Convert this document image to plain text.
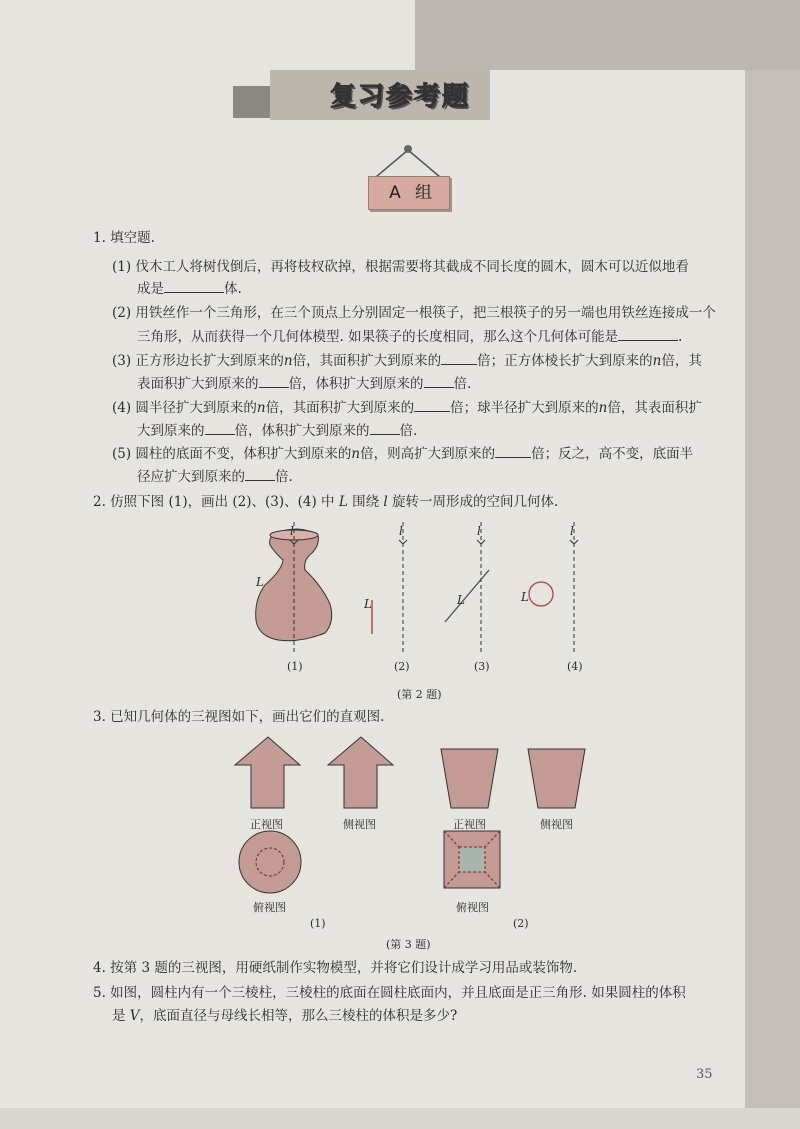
复习参考题
A 组
1. 填空题.
(1) 伐木工人将树伐倒后，再将枝杈砍掉，根据需要将其截成不同长度的圆木，圆木可以近似地看
成是	体.
(2) 用铁丝作一个三角形，在三个顶点上分别固定一根筷子，把三根筷子的另一端也用铁丝连接成一个
三角形，从而获得一个几何体模型. 如果筷子的长度相同，那么这个几何体可能是	.
(3) 正方形边长扩大到原来的n倍，其面积扩大到原来的	倍；正方体棱长扩大到原来的n倍，其
表面积扩大到原来的 倍，体积扩大到原来的 倍.
(4) 圆半径扩大到原来的n倍，其面积扩大到原来的	倍；球半径扩大到原来的n倍，其表面积扩
大到原来的 倍，体积扩大到原来的 倍.
(5) 圆柱的底面不变，体积扩大到原来的n倍，则高扩大到原来的	倍；反之，高不变，底面半
径应扩大到原来的 倍.
2. 仿照下图 (1)，画出 (2)、(3)、(4) 中 L 围绕 l 旋转一周形成的空间几何体.
l	l	l	l
L
L	L	L
(1)	(2)	(3)	(4)
(第 2 题)
3. 已知几何体的三视图如下，画出它们的直观图.
正视图	侧视图	正视图	侧视图
俯视图	俯视图
(1)	(2)
(第 3 题)
4. 按第 3 题的三视图，用硬纸制作实物模型，并将它们设计成学习用品或装饰物.
5. 如图，圆柱内有一个三棱柱，三棱柱的底面在圆柱底面内，并且底面是正三角形. 如果圆柱的体积
是 V，底面直径与母线长相等，那么三棱柱的体积是多少?
35
